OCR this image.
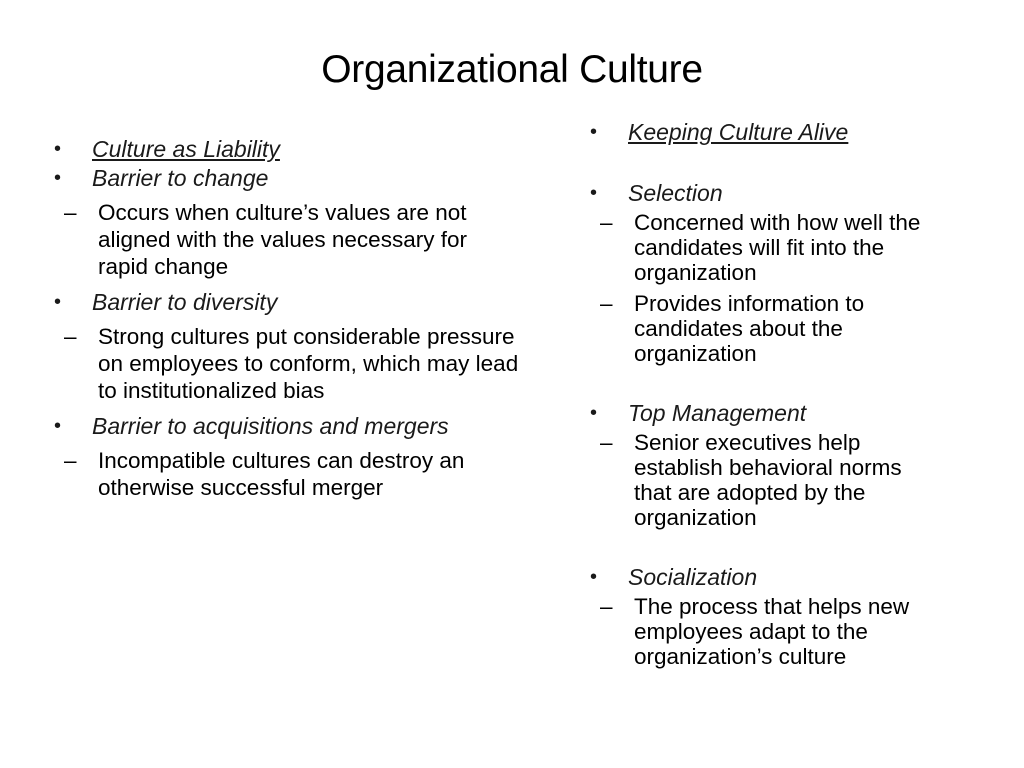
Organizational Culture
• Culture as Liability
• Barrier to change
– Occurs when culture’s values are not aligned with the values necessary for rapid change
• Barrier to diversity
– Strong cultures put considerable pressure on employees to conform, which may lead to institutionalized bias
• Barrier to acquisitions and mergers
– Incompatible cultures can destroy an otherwise successful merger
• Keeping Culture Alive
• Selection
– Concerned with how well the candidates will fit into the organization
– Provides information to candidates about the organization
• Top Management
– Senior executives help establish behavioral norms that are adopted by the organization
• Socialization
– The process that helps new employees adapt to the organization’s culture
